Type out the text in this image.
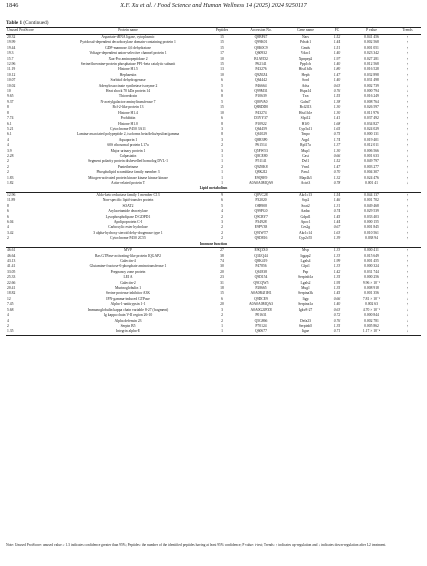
1846	X.F. Xu et al. / Food Science and Human Wellness 14 (2025) 2024 9250117
Table 1 (Continued)
Unused ProtScore	Protein name	Peptides	Accession No.	Gene name	FC	P value	Trends
20.32	Aspartate-tRNA ligase, cytoplasmic	15	Q8BP47	Nars	1.52	0.041 456	↑
19.99	Pyridoxal-dependent decarboxylase domain-containing protein 1	15	Q99K01	Pdxdc1	1.44	0.002 568	↑
19.44	GDP-mannose 4,6 dehydratase	15	Q8K0C9	Gmds	1.51	0.001 051	↑
19.3	Voltage-dependent anion-selective channel protein 1	17	Q60932	Vdac1	1.40	0.023 342	↑
15.7	Xaa-Pro aminopeptidase 2	10	B1AVD2	Xpnpep2	1.97	0.027 281	↑
12.96	Serine/threonine-protein phosphatase PP1-beta catalytic subunit	15	P62141	Ppp1cb	1.40	0.012 568	↑
11.19	Histone H1.5	13	P43276	Hist1h1b	1.80	0.016 528	↑
10.12	Hephaestin	10	Q9Z0Z4	Heph	1.47	0.032 898	↑
10.07	Sorbitol dehydrogenase	6	Q64442	Sord	1.40	0.031 498	↑
10.02	Adenylosuccinate synthetase isozyme 2	5	P46664	Adss	0.63	0.002 739	↓
10	Heat shock 70 kDa protein 14	6	Q99M31	Hspa14	0.76	0.000 794	↓
9.65	Thioredoxin	8	P10639	Txn	1.55	0.016 249	↑
9.37	N-acetylgalactos-aminyltransferase 7	5	Q80VA0	Galnt7	1.38	0.008 764	↑
8	Bcl-2-like protein 13	15	Q8BDD0	Bcl2l13	1.30	0.026 597	↑
8	Histone H1.4	10	P43274	Hist1h1e	1.30	0.011 976	↑
7.74	Prohibitin	6	D3YY37	Slpi12	1.41	0.037 492	↑
6.1	Histone H1.0	8	P10922	H1f0	1.68	0.034 827	↑
5.21	Cytochrome P450 3A11	3	Q64459	Cyp3a11	1.65	0.024 029	↑
6.1	Lamina-associated polypeptide 2, isoforms beta/delta/epsilon/gamma	8	Q61029	Tmpo	0.75	0.000 131	↓
4	Aquaporin 1	3	Q8R3P0	Aqp1	1.74	0.019 401	↑
4	60S ribosomal protein L17a	2	P61514	Rpl17a	1.37	0.012 011	↑
3.9	Major urinary protein 1	3	Q5FW53	Mup1	1.30	0.006 566	↑
2.28	Calpastatin	1	Q8CE80	Cast	0.66	0.001 633	↓
2	Segment polarity protein dishevelled homolog DVL-1	1	P51141	Dvl1	1.52	0.049 797	↑
2	Pantetheinase	2	Q9Z0K8	Vnn1	1.47	0.003 277	↑
2	Phospholipid scramblase family member 3	1	Q8K2I2	Pass1	0.70	0.004 307	↓
1.83	Mitogen-activated protein kinase kinase kinase kinase	1	E9Q9E9	Map4k3	1.32	0.024 476	↑
1.82	Actin-related protein T	1	A0A0A0MQA9	Actrt3	0.78	0.001 41	↓
Lipid metabolism							
12.96	Aldo-keto reductase family 1 member C13	9	Q8VC28	Akr1c13	1.54	0.044 137	↑
11.89	Non-specific lipid-transfer protein	6	P32020	Scp2	1.46	0.001 702	↑
8	SOAT2	5	O88908	Soat2	1.31	0.049 468	↑
6	Arylacetamide deacetylase	4	Q99PG0	Aadac	0.74	0.029 539	↓
6	Lysophospholipase D GDPD1	2	Q9CRY7	Gdpd1	1.45	0.033 403	↑
6.04	Apolipoprotein C-I	3	P34928	Apoc1	1.44	0.000 155	↑
4	Carboxylic ester hydrolase	2	E9PV38	Ces2g	0.67	0.001 845	↓
3.42	3 alpha-hydroxy steroid dehy-drogenase type 1	2	Q91WT7	Akr1c14	1.63	0.010 561	↑
2	Cytochrome P450 2C55	2	Q9D816	Cyp2c55	1.39	0.038 94	↑
Immune function							
46.61	MVP	27	E9Q3X0	Mvp	1.33	0.000 411	↑
46.64	Ras GTPase-activating-like protein IQGAP2	38	Q3UQ44	Iqgap2	1.33	0.015 649	↑
43.13	Galectin-4	74	Q8K419	Lgals4	1.99	0.001 455	↑
41.41	Glutamine-fructose-6-phosphate aminotransferase 1	30	P47856	Gfpt1	1.33	0.000 324	↑
33.05	Pregnancy zone protein	20	Q61838	Pzp	1.42	0.031 744	↑
25.33	LEI A	23	Q9D154	Serpinb1a	1.35	0.000 256	↑
22.66	Galectin-2	31	Q9CQW5	Lgals2	1.95	9.96 × 10⁻⁵	↑
20.41	Murinoglobulin 1	18	P28665	Mug1	1.35	0.008 918	↑
18.82	Serine protease inhibitor A3K	15	A0A0B4J1H1	Serpina3k	1.45	0.001 356	↑
12	IFN-gamma-induced GTPase	6	Q9DCE9	Iigp	0.66	7.81 × 10⁻⁵	↓
7.45	Alpha-1-antitrypsin 1-1	20	A0A0A0MQA3	Serpina1a	1.40	0.002 63	↑
5.68	Immunoglobulin kappa chain variable 8-27 (fragment)	3	A0A0G2JFZ8	Igkv8-27	0.63	4.70 × 10⁻⁵	↓
4	Ig kappa chain V-II region 26-10	2	P01631		0.72	0.000 844	↓
4	Alpha defensin 23	2	Q5G866	Defa23	0.76	0.002 781	↓
2	Serpin B5	1	P70124	Serpinb5	1.35	0.005 862	↑
1.35	Integrin alpha-E	1	Q60677	Itgae	0.71	1.17 × 10⁻⁴	↓
Note: Unused ProtScore: unused value ≥ 1.3 indicates confidence greater than 95%; Peptides: the number of the identified peptides having at least 95% confidence; P value: t-test; Trends: ↑ indicates up-regulation and ↓ indicates down-regulation after L2 treatment.
